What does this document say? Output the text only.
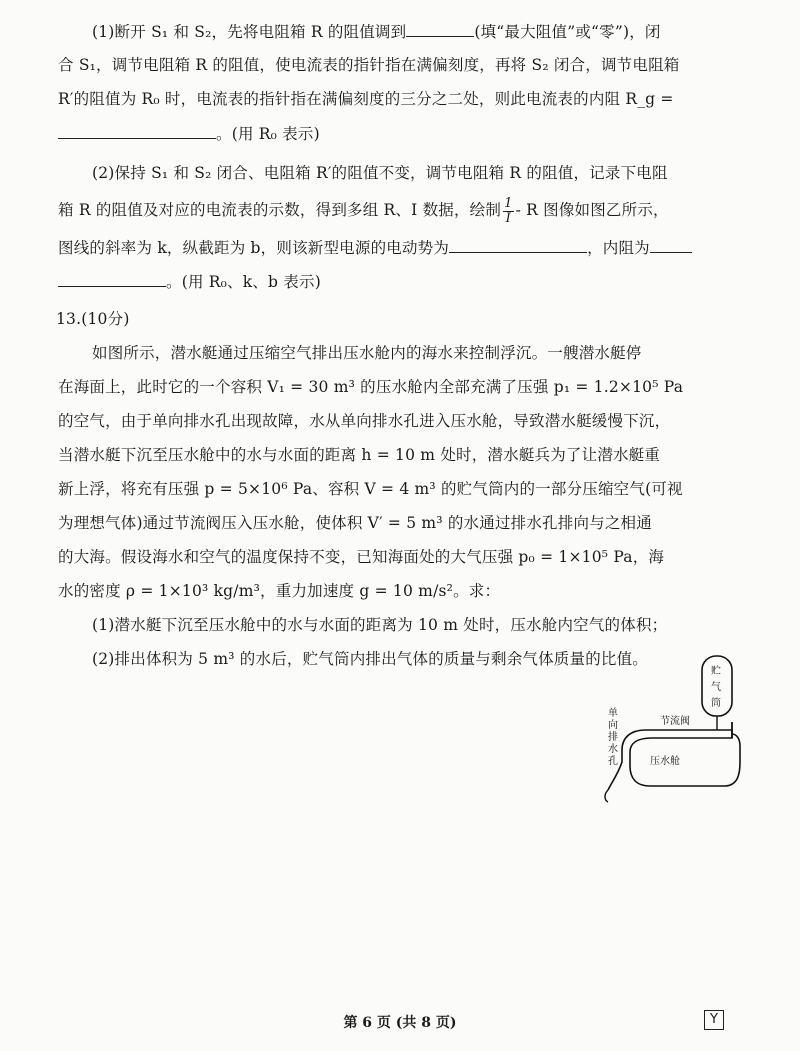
(1)断开 S₁ 和 S₂，先将电阻箱 R 的阻值调到	(填“最大阻值”或“零”)，闭
合 S₁，调节电阻箱 R 的阻值，使电流表的指针指在满偏刻度，再将 S₂ 闭合，调节电阻箱
R′的阻值为 R₀ 时，电流表的指针指在满偏刻度的三分之二处，则此电流表的内阻 R_g =
。(用 R₀ 表示)
(2)保持 S₁ 和 S₂ 闭合、电阻箱 R′的阻值不变，调节电阻箱 R 的阻值，记录下电阻
箱 R 的阻值及对应的电流表的示数，得到多组 R、I 数据，绘制 $\frac{1}{I}$ - R 图像如图乙所示，
图线的斜率为 k，纵截距为 b，则该新型电源的电动势为	，内阻为
。(用 R₀、k、b 表示)
13.(10分)
如图所示，潜水艇通过压缩空气排出压水舱内的海水来控制浮沉。一艘潜水艇停
在海面上，此时它的一个容积 V₁ = 30 m³ 的压水舱内全部充满了压强 p₁ = 1.2×10⁵ Pa
的空气，由于单向排水孔出现故障，水从单向排水孔进入压水舱，导致潜水艇缓慢下沉，
当潜水艇下沉至压水舱中的水与水面的距离 h = 10 m 处时，潜水艇兵为了让潜水艇重
新上浮，将充有压强 p = 5×10⁶ Pa、容积 V = 4 m³ 的贮气筒内的一部分压缩空气(可视
为理想气体)通过节流阀压入压水舱，使体积 V′ = 5 m³ 的水通过排水孔排向与之相通
的大海。假设海水和空气的温度保持不变，已知海面处的大气压强 p₀ = 1×10⁵ Pa，海
水的密度 ρ = 1×10³ kg/m³，重力加速度 g = 10 m/s²。求：
(1)潜水艇下沉至压水舱中的水与水面的距离为 10 m 处时，压水舱内空气的体积；
(2)排出体积为 5 m³ 的水后，贮气筒内排出气体的质量与剩余气体质量的比值。
贮
气
筒
节流阀
压水舱
单
向
排
水
孔
第 6 页 (共 8 页)	Y
